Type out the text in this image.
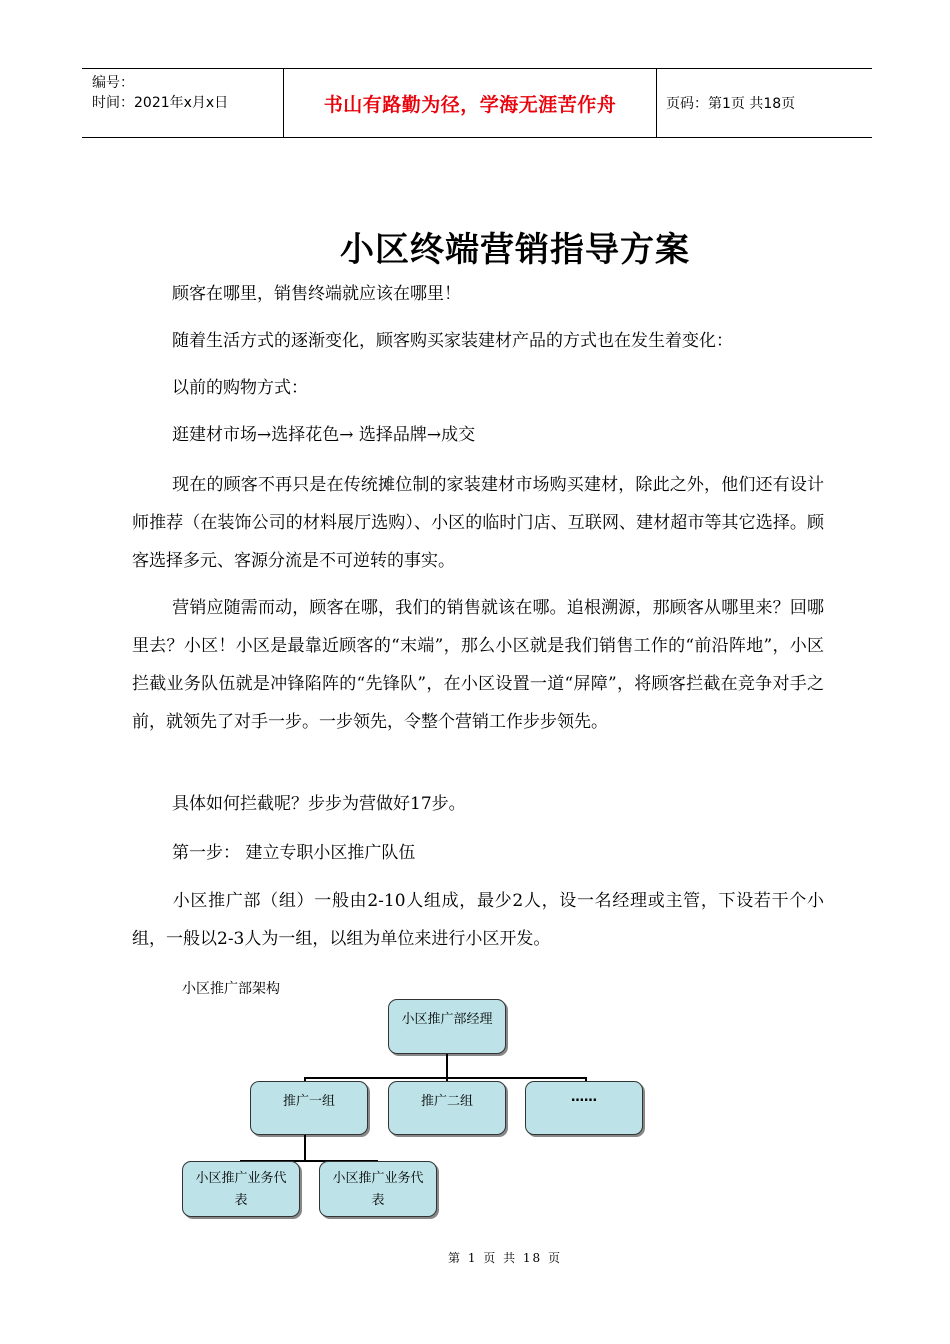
编号：
时间：2021年x月x日	书山有路勤为径，学海无涯苦作舟	页码：第1页 共18页
小区终端营销指导方案
顾客在哪里，销售终端就应该在哪里！
随着生活方式的逐渐变化，顾客购买家装建材产品的方式也在发生着变化：
以前的购物方式：
逛建材市场→选择花色→ 选择品牌→成交
现在的顾客不再只是在传统摊位制的家装建材市场购买建材，除此之外，他们还有设计师推荐（在装饰公司的材料展厅选购）、小区的临时门店、互联网、建材超市等其它选择。顾客选择多元、客源分流是不可逆转的事实。
营销应随需而动，顾客在哪，我们的销售就该在哪。追根溯源，那顾客从哪里来？回哪里去？小区！小区是最靠近顾客的“末端”，那么小区就是我们销售工作的“前沿阵地”，小区拦截业务队伍就是冲锋陷阵的“先锋队”，在小区设置一道“屏障”，将顾客拦截在竞争对手之前，就领先了对手一步。一步领先，令整个营销工作步步领先。
具体如何拦截呢？步步为营做好17步。
第一步： 建立专职小区推广队伍
小区推广部（组）一般由2-10人组成，最少2人，设一名经理或主管，下设若干个小组，一般以2-3人为一组，以组为单位来进行小区开发。
小区推广部架构
小区推广部经理
推广一组	推广二组	……
小区推广业务代表
小区推广业务代表
第 1 页 共 18 页
